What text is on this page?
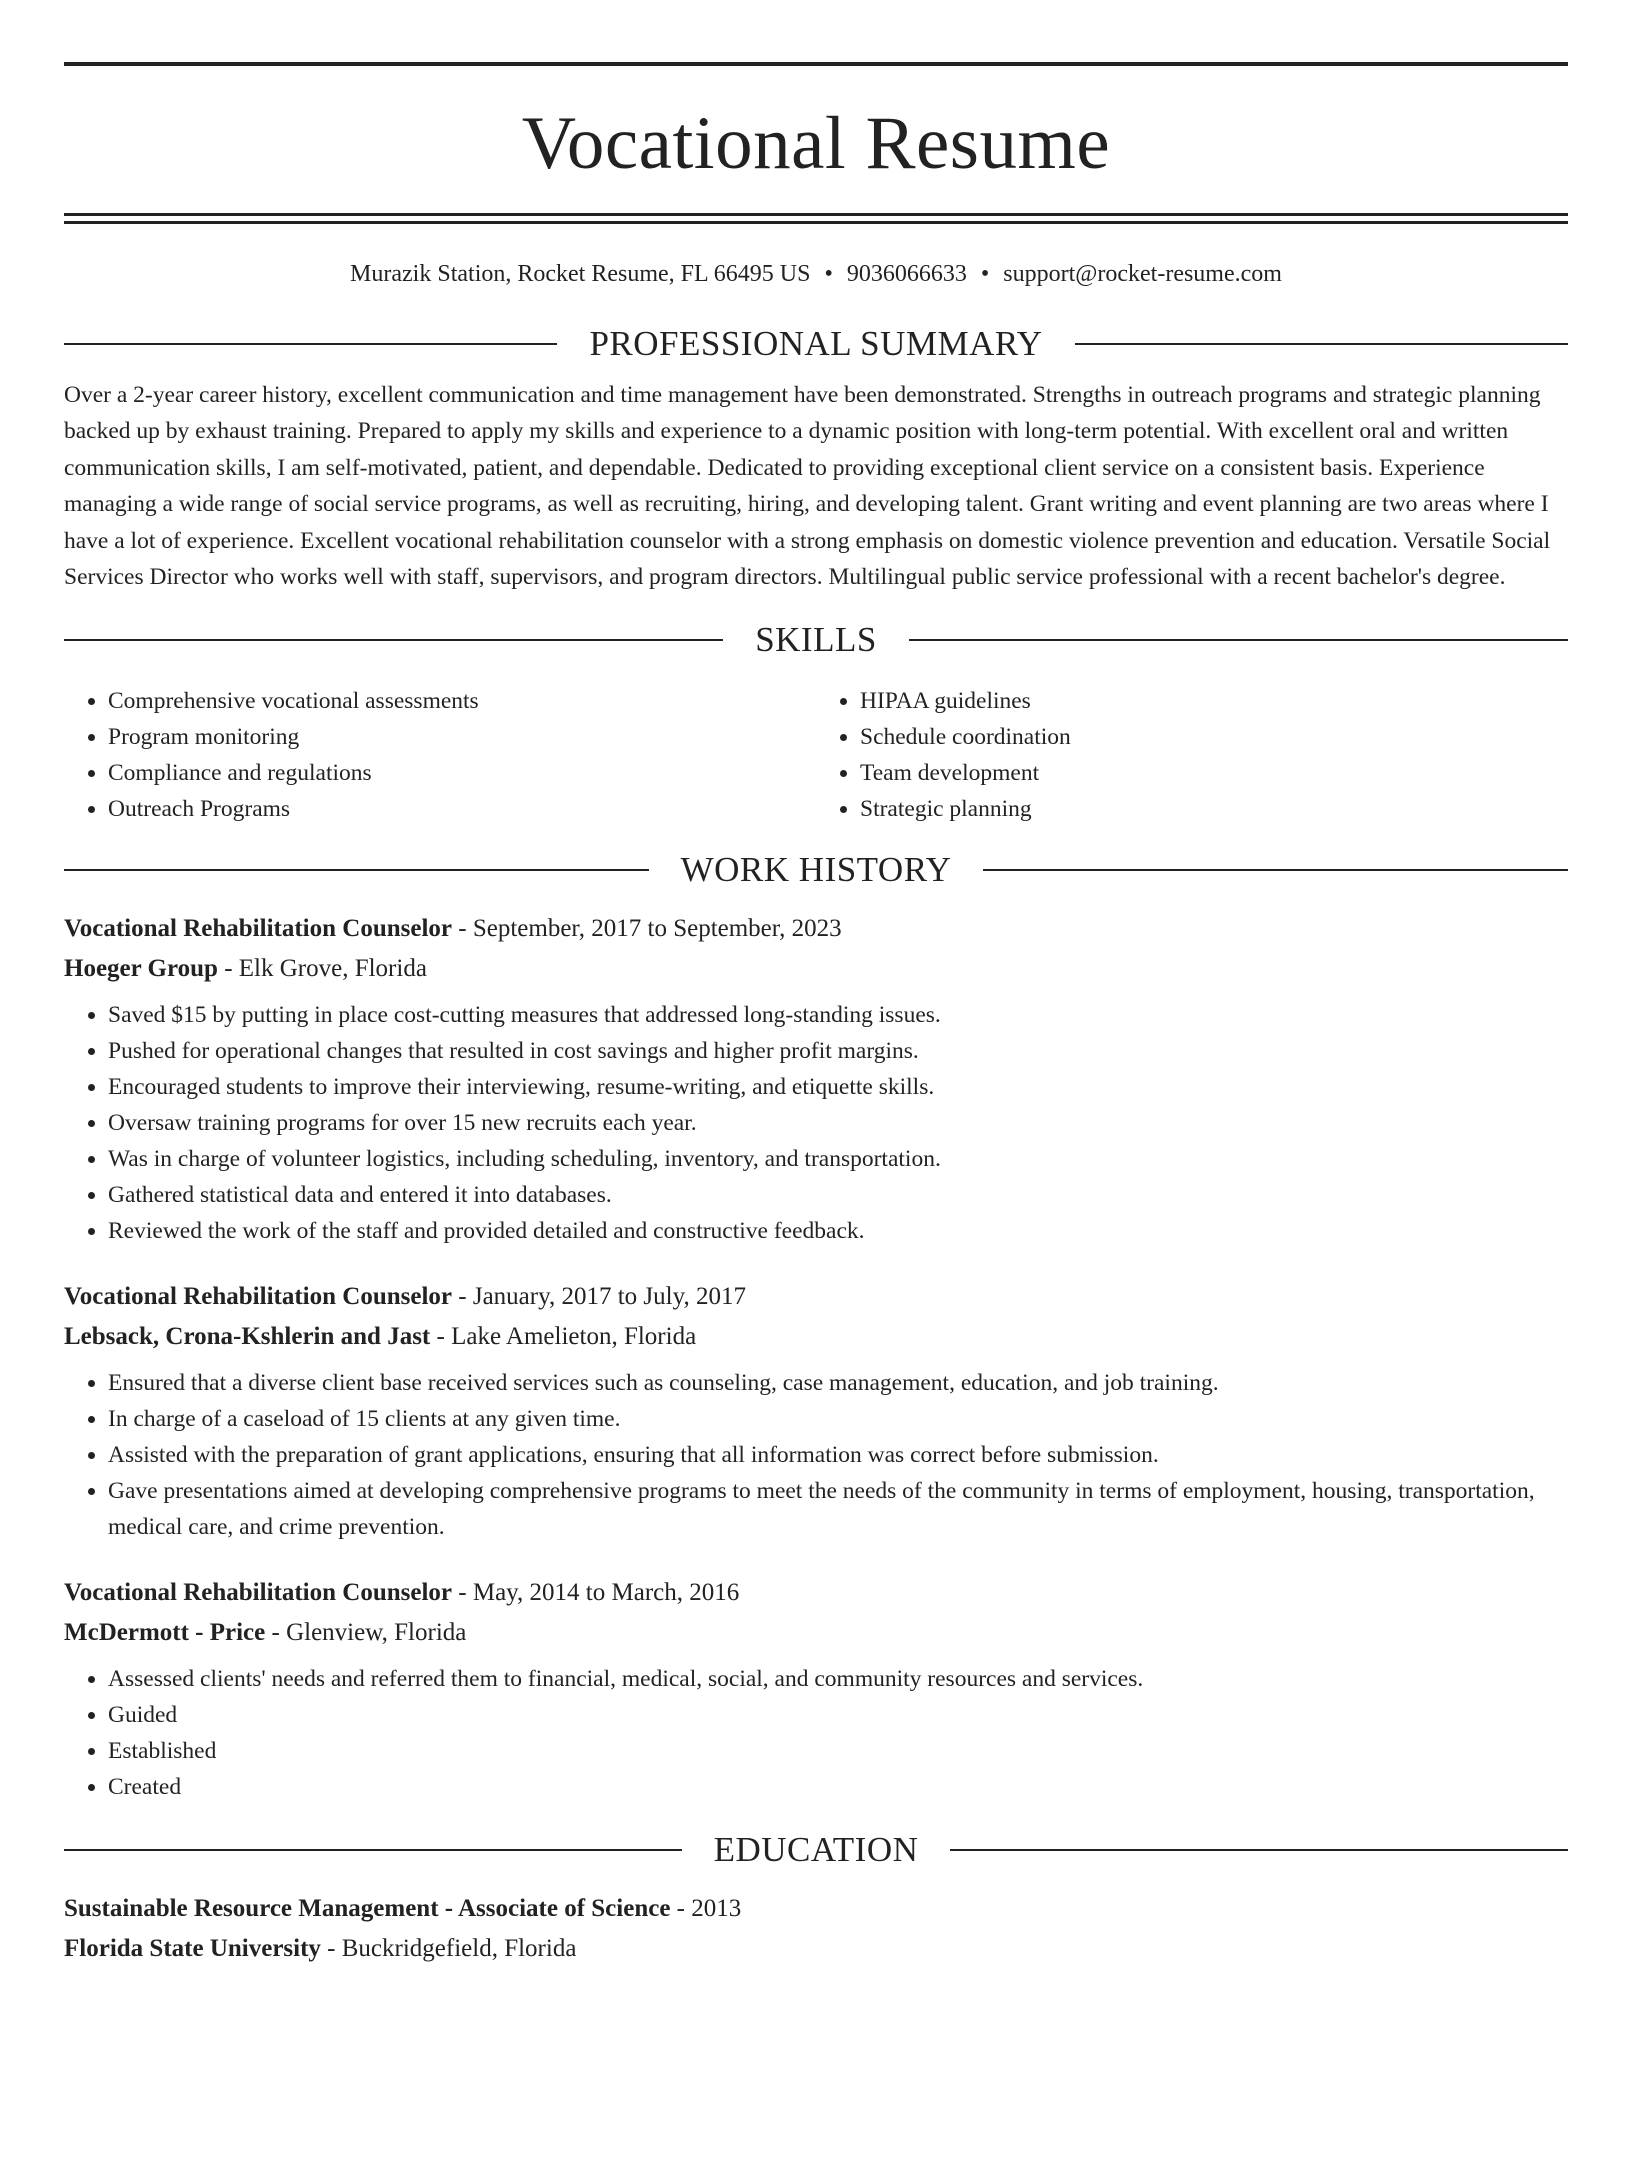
Vocational Resume
Murazik Station, Rocket Resume, FL 66495 US • 9036066633 • support@rocket-resume.com
PROFESSIONAL SUMMARY

Over a 2-year career history, excellent communication and time management have been demonstrated. Strengths in outreach programs and strategic planning backed up by exhaust training. Prepared to apply my skills and experience to a dynamic position with long-term potential. With excellent oral and written communication skills, I am self-motivated, patient, and dependable. Dedicated to providing exceptional client service on a consistent basis. Experience managing a wide range of social service programs, as well as recruiting, hiring, and developing talent. Grant writing and event planning are two areas where I have a lot of experience. Excellent vocational rehabilitation counselor with a strong emphasis on domestic violence prevention and education. Versatile Social Services Director who works well with staff, supervisors, and program directors. Multilingual public service professional with a recent bachelor's degree.

SKILLS
• Comprehensive vocational assessments
• Program monitoring
• Compliance and regulations
• Outreach Programs
• HIPAA guidelines
• Schedule coordination
• Team development
• Strategic planning
WORK HISTORY
Vocational Rehabilitation Counselor - September, 2017 to September, 2023
Hoeger Group - Elk Grove, Florida
• Saved $15 by putting in place cost-cutting measures that addressed long-standing issues.
• Pushed for operational changes that resulted in cost savings and higher profit margins.
• Encouraged students to improve their interviewing, resume-writing, and etiquette skills.
• Oversaw training programs for over 15 new recruits each year.
• Was in charge of volunteer logistics, including scheduling, inventory, and transportation.
• Gathered statistical data and entered it into databases.
• Reviewed the work of the staff and provided detailed and constructive feedback.
Vocational Rehabilitation Counselor - January, 2017 to July, 2017
Lebsack, Crona-Kshlerin and Jast - Lake Amelieton, Florida
• Ensured that a diverse client base received services such as counseling, case management, education, and job training.
• In charge of a caseload of 15 clients at any given time.
• Assisted with the preparation of grant applications, ensuring that all information was correct before submission.
• Gave presentations aimed at developing comprehensive programs to meet the needs of the community in terms of employment, housing, transportation, medical care, and crime prevention.
Vocational Rehabilitation Counselor - May, 2014 to March, 2016
McDermott - Price - Glenview, Florida
• Assessed clients' needs and referred them to financial, medical, social, and community resources and services.
• Guided
• Established
• Created
EDUCATION
Sustainable Resource Management - Associate of Science - 2013
Florida State University - Buckridgefield, Florida
